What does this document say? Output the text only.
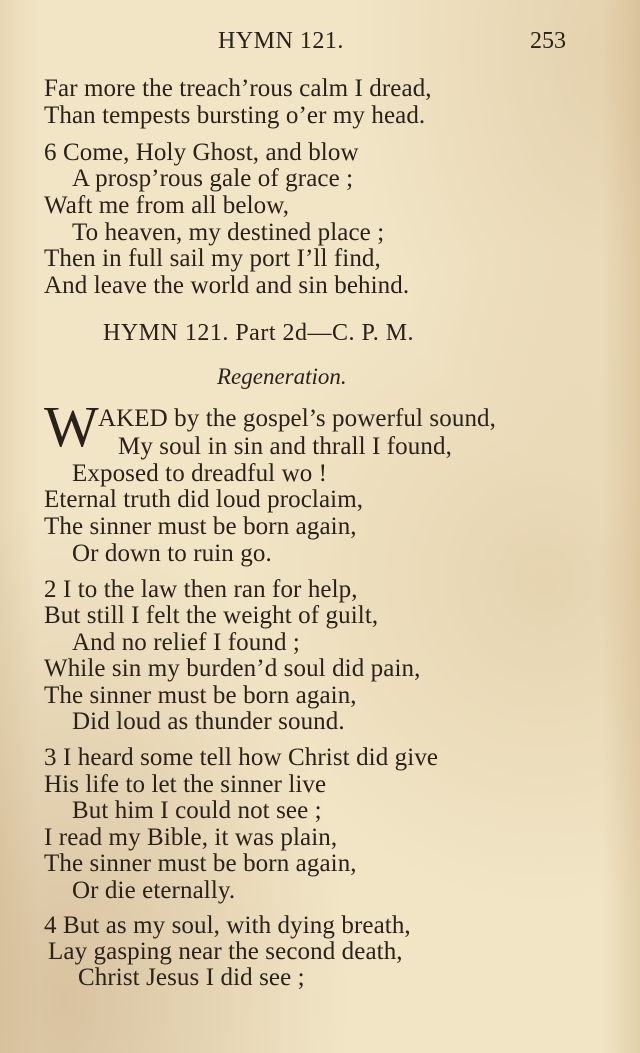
HYMN 121.	253
Far more the treach’rous calm I dread,
Than tempests bursting o’er my head.
6 Come, Holy Ghost, and blow
A prosp’rous gale of grace ;
Waft me from all below,
To heaven, my destined place ;
Then in full sail my port I’ll find,
And leave the world and sin behind.
HYMN 121. Part 2d—C. P. M.
Regeneration.
W AKED by the gospel’s powerful sound,
My soul in sin and thrall I found,
Exposed to dreadful wo !
Eternal truth did loud proclaim,
The sinner must be born again,
Or down to ruin go.
2 I to the law then ran for help,
But still I felt the weight of guilt,
And no relief I found ;
While sin my burden’d soul did pain,
The sinner must be born again,
Did loud as thunder sound.
3 I heard some tell how Christ did give
His life to let the sinner live
But him I could not see ;
I read my Bible, it was plain,
The sinner must be born again,
Or die eternally.
4 But as my soul, with dying breath,
Lay gasping near the second death,
Christ Jesus I did see ;
